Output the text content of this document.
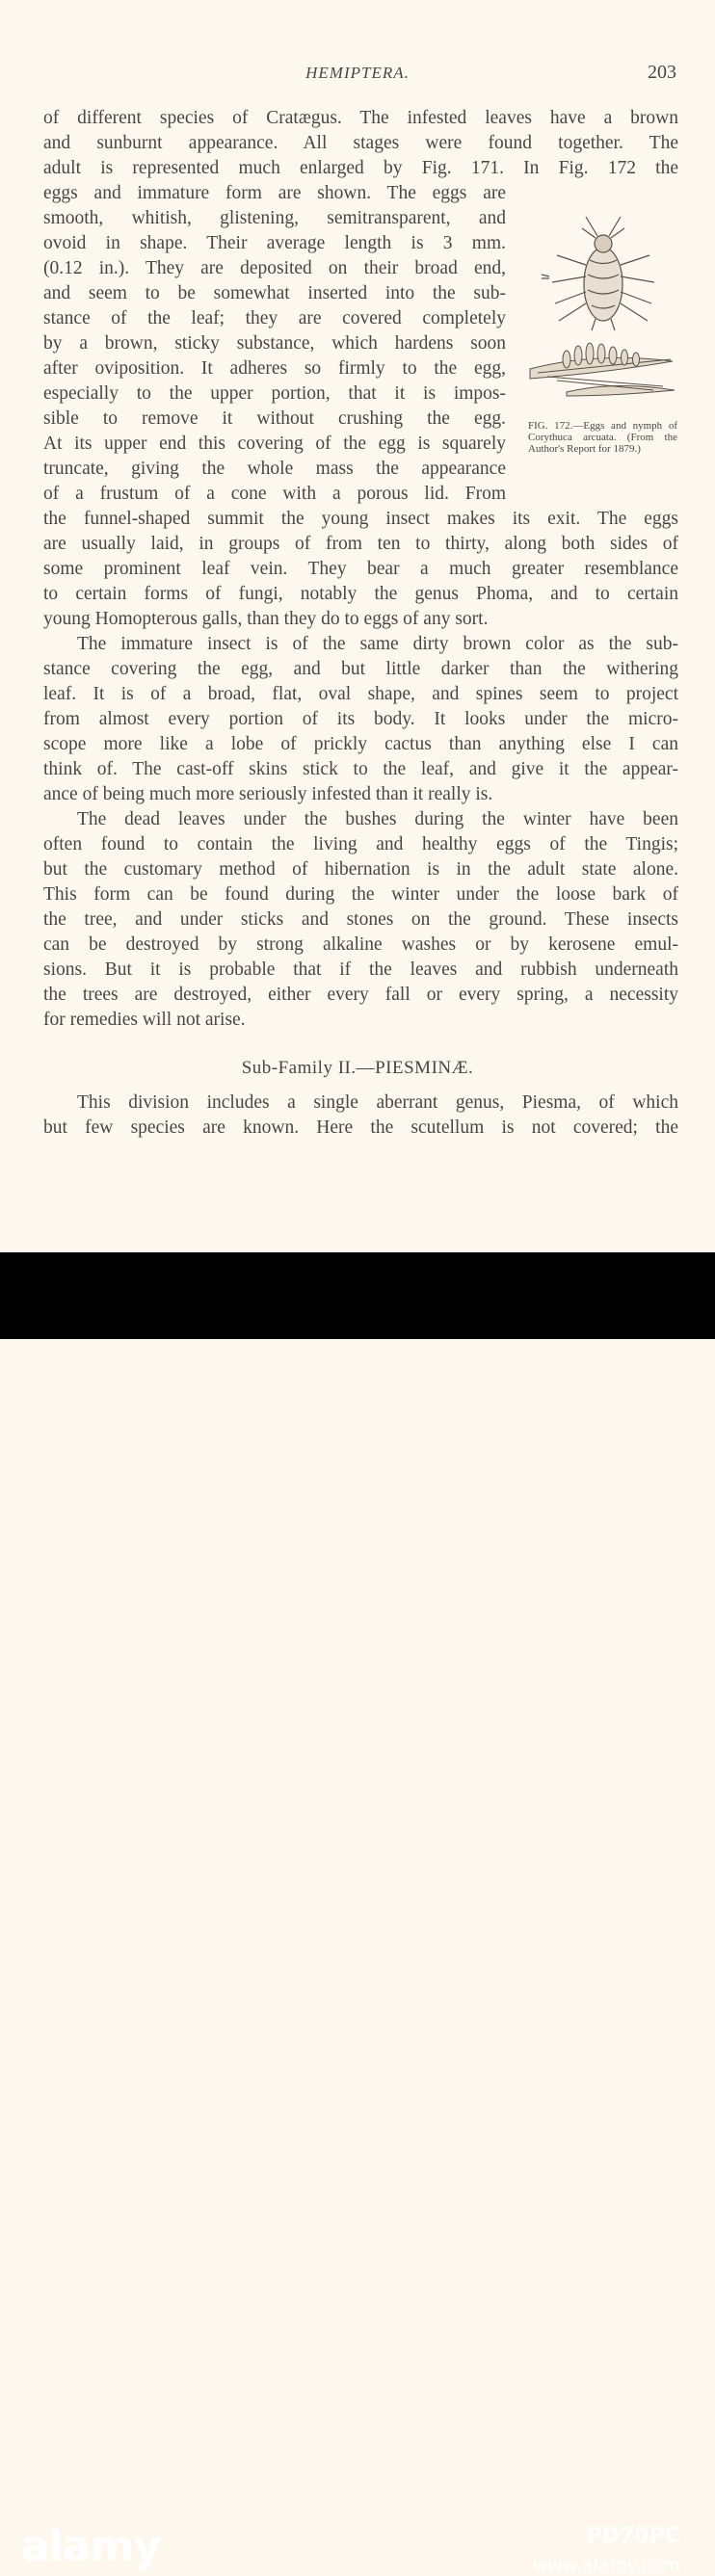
HEMIPTERA.	203
of different species of Cratægus. The infested leaves have a brown
and sunburnt appearance. All stages were found together. The
adult is represented much enlarged by Fig. 171. In Fig. 172 the
eggs and immature form are shown. The eggs are
smooth, whitish, glistening, semitransparent, and
ovoid in shape. Their average length is 3 mm.
(0.12 in.). They are deposited on their broad end,
and seem to be somewhat inserted into the sub-
stance of the leaf; they are covered completely
by a brown, sticky substance, which hardens soon
after oviposition. It adheres so firmly to the egg,
especially to the upper portion, that it is impos-
sible to remove it without crushing the egg.
At its upper end this covering of the egg is squarely
truncate, giving the whole mass the appearance
of a frustum of a cone with a porous lid. From
the funnel-shaped summit the young insect makes its exit. The eggs
are usually laid, in groups of from ten to thirty, along both sides of
some prominent leaf vein. They bear a much greater resemblance
to certain forms of fungi, notably the genus Phoma, and to certain
young Homopterous galls, than they do to eggs of any sort.
The immature insect is of the same dirty brown color as the sub-
stance covering the egg, and but little darker than the withering
leaf. It is of a broad, flat, oval shape, and spines seem to project
from almost every portion of its body. It looks under the micro-
scope more like a lobe of prickly cactus than anything else I can
think of. The cast-off skins stick to the leaf, and give it the appear-
ance of being much more seriously infested than it really is.
The dead leaves under the bushes during the winter have been
often found to contain the living and healthy eggs of the Tingis;
but the customary method of hibernation is in the adult state alone.
This form can be found during the winter under the loose bark of
the tree, and under sticks and stones on the ground. These insects
can be destroyed by strong alkaline washes or by kerosene emul-
sions. But it is probable that if the leaves and rubbish underneath
the trees are destroyed, either every fall or every spring, a necessity
for remedies will not arise.
Sub-Family II.—PIESMINÆ.
This division includes a single aberrant genus, Piesma, of which
but few species are known. Here the scutellum is not covered; the
FIG. 172.—Eggs and nymph of Corythuca arcuata. (From the Author's Report for 1879.)
alamy	PD70PC
www.alamy.com
